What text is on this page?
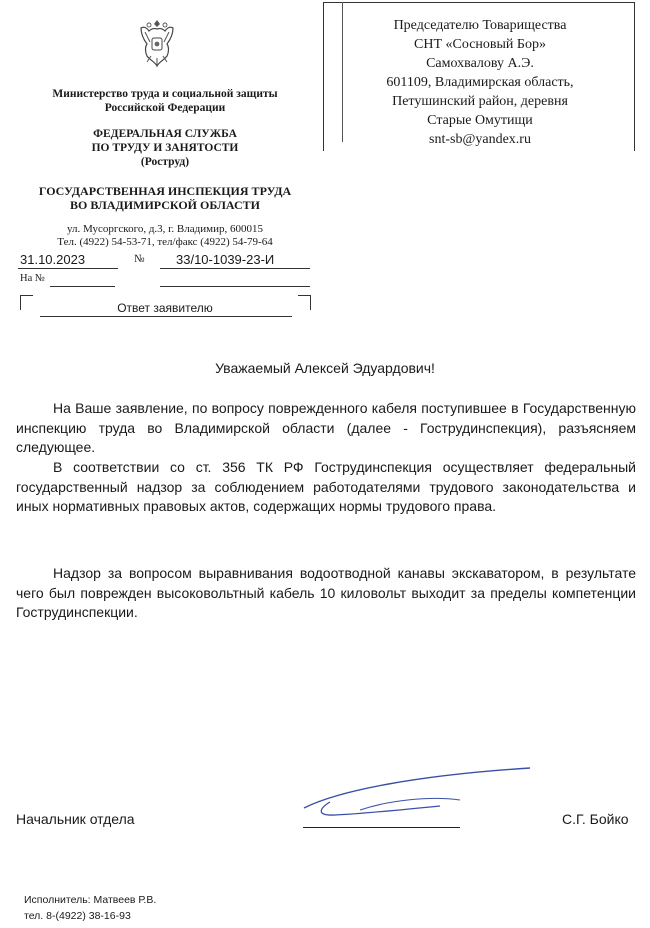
Министерство труда и социальной защиты
Российской Федерации
ФЕДЕРАЛЬНАЯ СЛУЖБА
ПО ТРУДУ И ЗАНЯТОСТИ
(Роструд)
ГОСУДАРСТВЕННАЯ ИНСПЕКЦИЯ ТРУДА
ВО ВЛАДИМИРСКОЙ ОБЛАСТИ
ул. Мусоргского, д.3, г. Владимир, 600015
Тел. (4922) 54-53-71, тел/факс (4922) 54-79-64
31.10.2023	№ 33/10-1039-23-И
На №
Ответ заявителю
Председателю Товарищества
СНТ «Сосновый Бор»
Самохвалову А.Э.
601109, Владимирская область,
Петушинский район, деревня
Старые Омутищи
snt-sb@yandex.ru
Уважаемый Алексей Эдуардович!
На Ваше заявление, по вопросу поврежденного кабеля поступившее в Государственную инспекцию труда во Владимирской области (далее - Гострудинспекция), разъясняем следующее.
В соответствии со ст. 356 ТК РФ Гострудинспекция осуществляет федеральный государственный надзор за соблюдением работодателями трудового законодательства и иных нормативных правовых актов, содержащих нормы трудового права.
Надзор за вопросом выравнивания водоотводной канавы экскаватором, в результате чего был поврежден высоковольтный кабель 10 киловольт выходит за пределы компетенции Гострудинспекции.
Начальник отдела	С.Г. Бойко
Исполнитель: Матвеев Р.В.
тел. 8-(4922) 38-16-93
